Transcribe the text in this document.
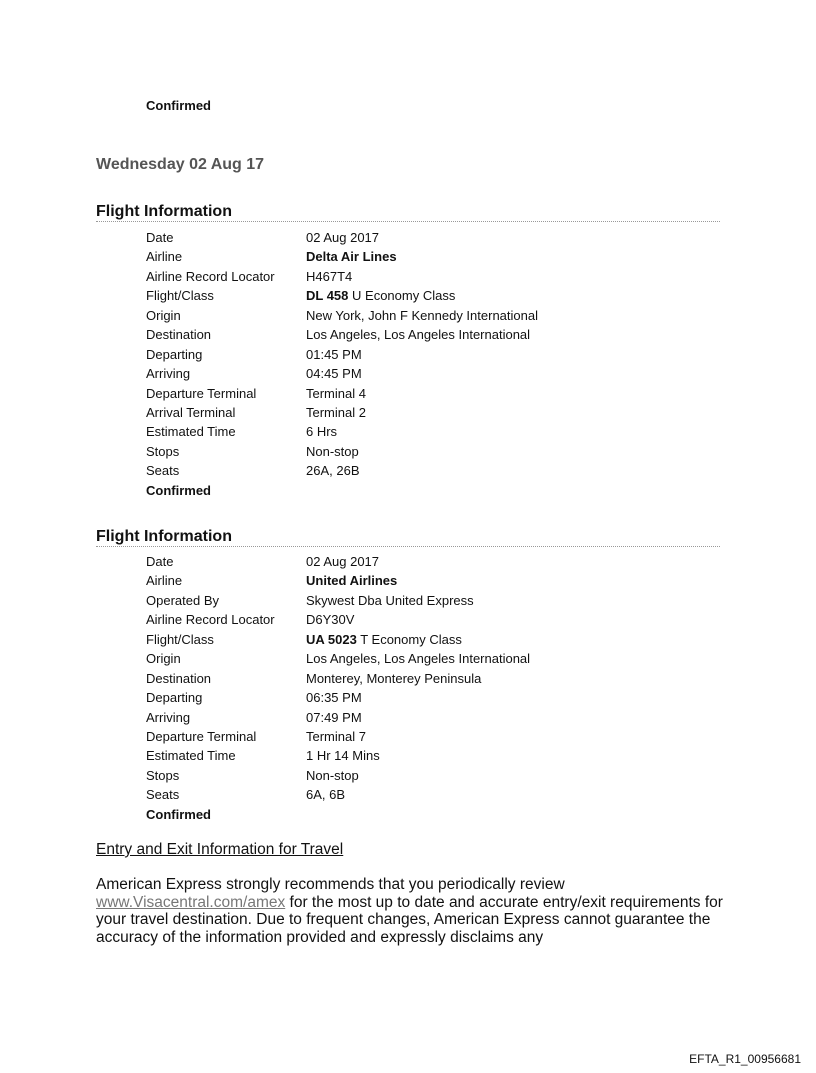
Confirmed
Wednesday 02 Aug 17
Flight Information
Date	02 Aug 2017
Airline	Delta Air Lines
Airline Record Locator	H467T4
Flight/Class	DL 458 U Economy Class
Origin	New York, John F Kennedy International
Destination	Los Angeles, Los Angeles International
Departing	01:45 PM
Arriving	04:45 PM
Departure Terminal	Terminal 4
Arrival Terminal	Terminal 2
Estimated Time	6 Hrs
Stops	Non-stop
Seats	26A, 26B
Confirmed
Flight Information
Date	02 Aug 2017
Airline	United Airlines
Operated By	Skywest Dba United Express
Airline Record Locator	D6Y30V
Flight/Class	UA 5023 T Economy Class
Origin	Los Angeles, Los Angeles International
Destination	Monterey, Monterey Peninsula
Departing	06:35 PM
Arriving	07:49 PM
Departure Terminal	Terminal 7
Estimated Time	1 Hr 14 Mins
Stops	Non-stop
Seats	6A, 6B
Confirmed
Entry and Exit Information for Travel
American Express strongly recommends that you periodically review www.Visacentral.com/amex for the most up to date and accurate entry/exit requirements for your travel destination. Due to frequent changes, American Express cannot guarantee the accuracy of the information provided and expressly disclaims any
EFTA_R1_00956681
